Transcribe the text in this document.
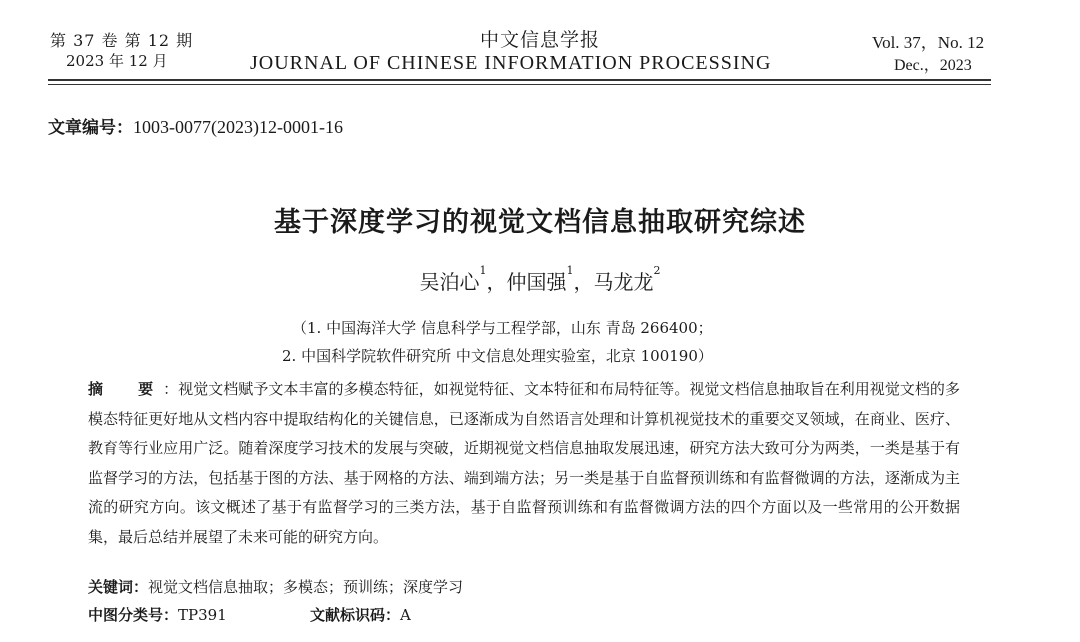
第 37 卷 第 12 期
2023 年 12 月
中文信息学报
JOURNAL OF CHINESE INFORMATION PROCESSING
Vol. 37，No. 12
Dec.，2023
文章编号：1003-0077(2023)12-0001-16
基于深度学习的视觉文档信息抽取研究综述
吴泊心$^1$，仲国强$^1$，马龙龙$^2$
（1. 中国海洋大学 信息科学与工程学部，山东 青岛 266400；
2. 中国科学院软件研究所 中文信息处理实验室，北京 100190）
摘　要：视觉文档赋予文本丰富的多模态特征，如视觉特征、文本特征和布局特征等。视觉文档信息抽取旨在利用视觉文档的多模态特征更好地从文档内容中提取结构化的关键信息，已逐渐成为自然语言处理和计算机视觉技术的重要交叉领域，在商业、医疗、教育等行业应用广泛。随着深度学习技术的发展与突破，近期视觉文档信息抽取发展迅速，研究方法大致可分为两类，一类是基于有监督学习的方法，包括基于图的方法、基于网格的方法、端到端方法；另一类是基于自监督预训练和有监督微调的方法，逐渐成为主流的研究方向。该文概述了基于有监督学习的三类方法，基于自监督预训练和有监督微调方法的四个方面以及一些常用的公开数据集，最后总结并展望了未来可能的研究方向。
关键词：视觉文档信息抽取；多模态；预训练；深度学习
中图分类号：TP391	文献标识码：A
